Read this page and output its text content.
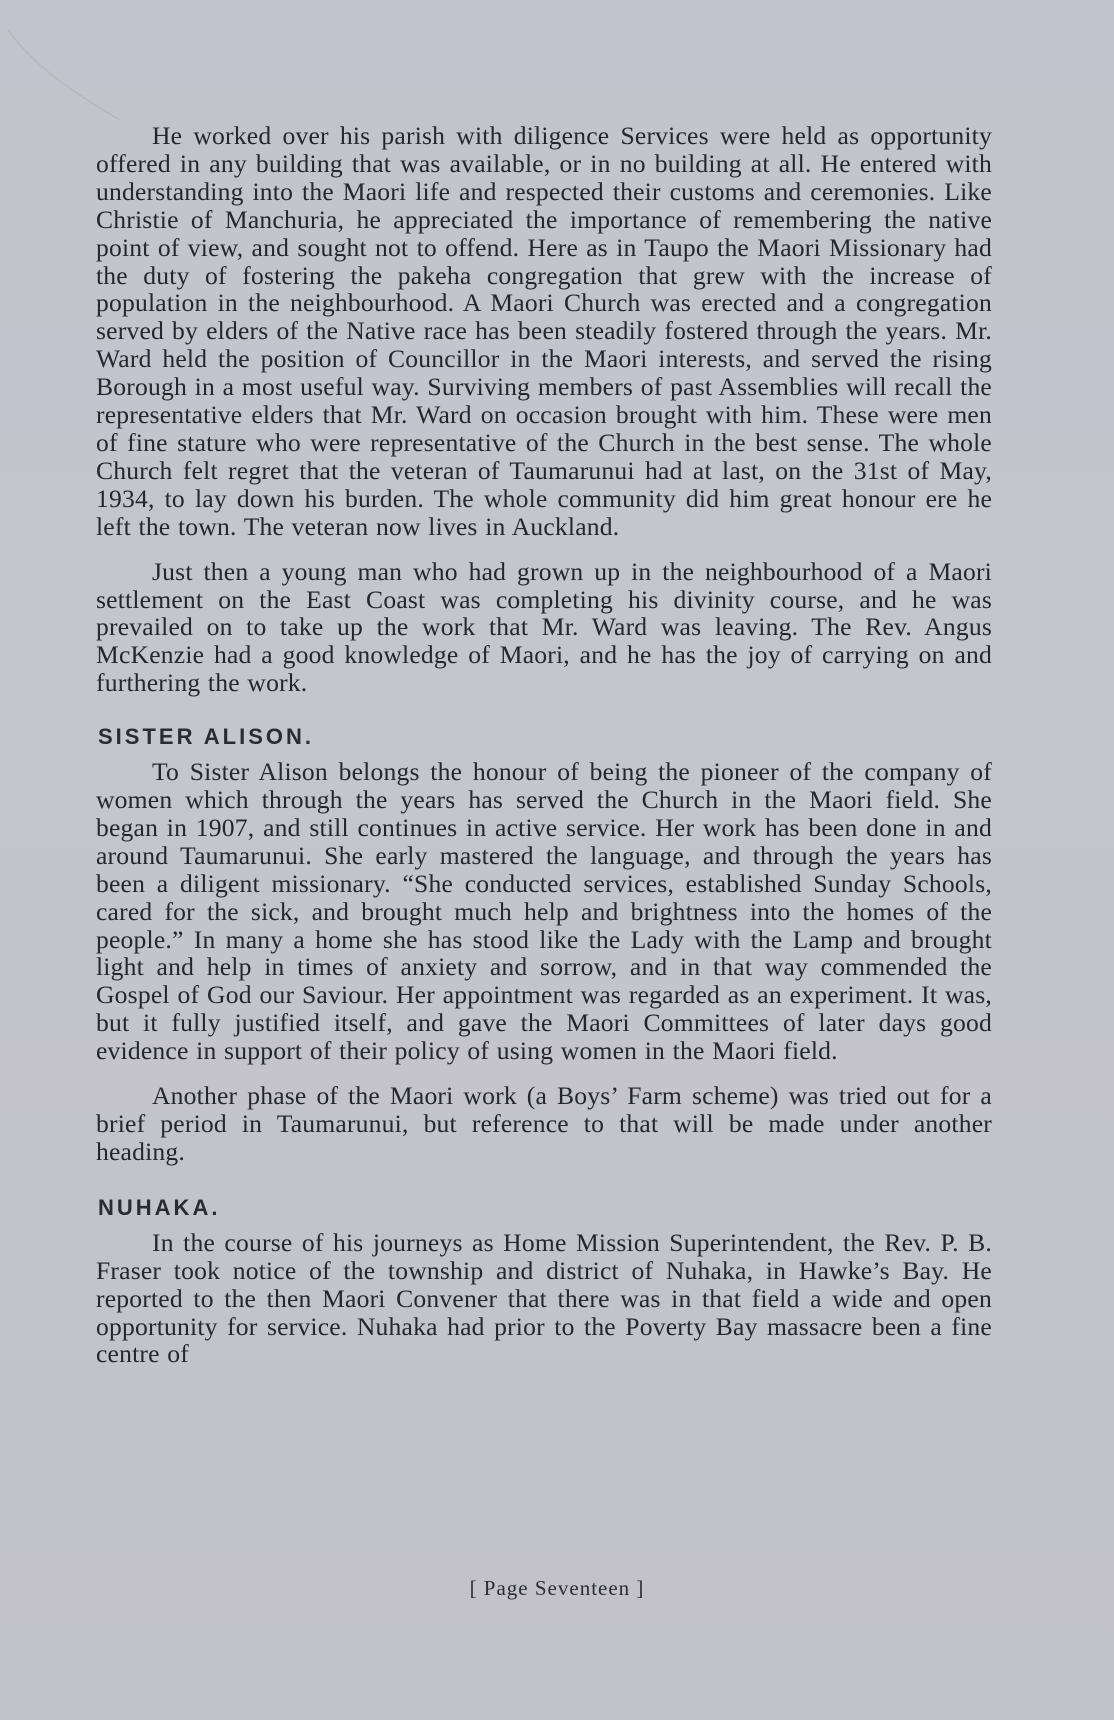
He worked over his parish with diligence Services were held as opportunity offered in any building that was available, or in no building at all. He entered with understanding into the Maori life and respected their customs and ceremonies. Like Christie of Manchuria, he appreciated the importance of remembering the native point of view, and sought not to offend. Here as in Taupo the Maori Missionary had the duty of fostering the pakeha congregation that grew with the increase of population in the neighbourhood. A Maori Church was erected and a congregation served by elders of the Native race has been steadily fostered through the years. Mr. Ward held the position of Councillor in the Maori interests, and served the rising Borough in a most useful way. Surviving members of past Assemblies will recall the representative elders that Mr. Ward on occasion brought with him. These were men of fine stature who were representative of the Church in the best sense. The whole Church felt regret that the veteran of Taumarunui had at last, on the 31st of May, 1934, to lay down his burden. The whole community did him great honour ere he left the town. The veteran now lives in Auckland.

Just then a young man who had grown up in the neighbourhood of a Maori settlement on the East Coast was completing his divinity course, and he was prevailed on to take up the work that Mr. Ward was leaving. The Rev. Angus McKenzie had a good knowledge of Maori, and he has the joy of carrying on and furthering the work.

SISTER ALISON.

To Sister Alison belongs the honour of being the pioneer of the company of women which through the years has served the Church in the Maori field. She began in 1907, and still continues in active service. Her work has been done in and around Taumarunui. She early mastered the language, and through the years has been a diligent missionary. “She conducted services, established Sunday Schools, cared for the sick, and brought much help and brightness into the homes of the people.” In many a home she has stood like the Lady with the Lamp and brought light and help in times of anxiety and sorrow, and in that way commended the Gospel of God our Saviour. Her appointment was regarded as an experiment. It was, but it fully justified itself, and gave the Maori Committees of later days good evidence in support of their policy of using women in the Maori field.

Another phase of the Maori work (a Boys’ Farm scheme) was tried out for a brief period in Taumarunui, but reference to that will be made under another heading.

NUHAKA.

In the course of his journeys as Home Mission Superintendent, the Rev. P. B. Fraser took notice of the township and district of Nuhaka, in Hawke’s Bay. He reported to the then Maori Convener that there was in that field a wide and open opportunity for service. Nuhaka had prior to the Poverty Bay massacre been a fine centre of

[ Page Seventeen ]
